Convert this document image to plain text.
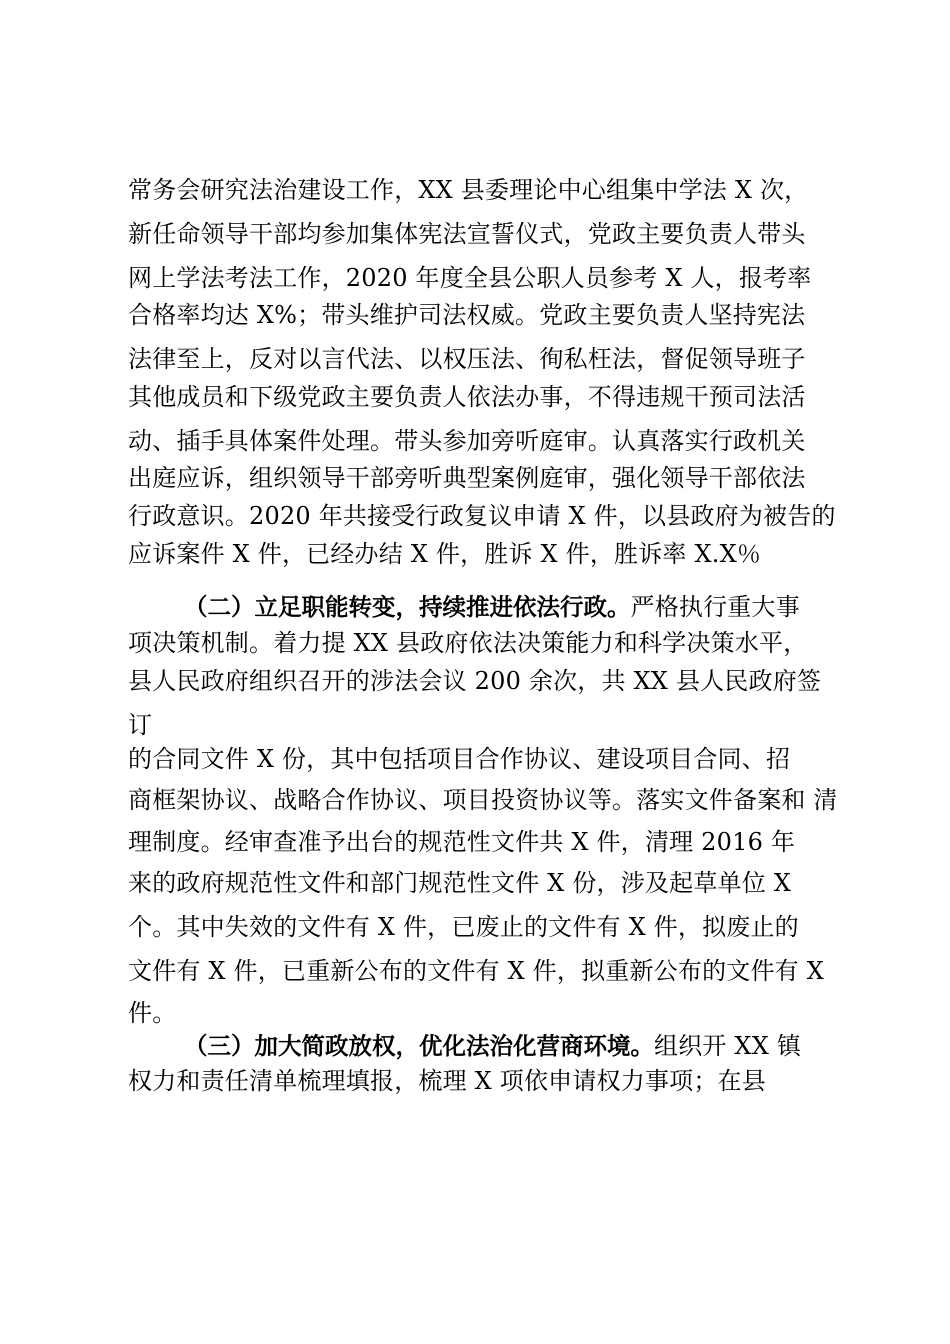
常务会研究法治建设工作，XX 县委理论中心组集中学法 X 次，
新任命领导干部均参加集体宪法宣誓仪式，党政主要负责人带头
网上学法考法工作，2020 年度全县公职人员参考 X 人，报考率
合格率均达 X%；带头维护司法权威。党政主要负责人坚持宪法
法律至上，反对以言代法、以权压法、徇私枉法，督促领导班子
其他成员和下级党政主要负责人依法办事，不得违规干预司法活
动、插手具体案件处理。带头参加旁听庭审。认真落实行政机关
出庭应诉，组织领导干部旁听典型案例庭审，强化领导干部依法
行政意识。2020 年共接受行政复议申请 X 件，以县政府为被告的
应诉案件 X 件，已经办结 X 件，胜诉 X 件，胜诉率 X.X％
（二）立足职能转变，持续推进依法行政。严格执行重大事
项决策机制。着力提 XX 县政府依法决策能力和科学决策水平，
县人民政府组织召开的涉法会议 200 余次，共 XX 县人民政府签
订
的合同文件 X 份，其中包括项目合作协议、建设项目合同、招
商框架协议、战略合作协议、项目投资协议等。落实文件备案和 清
理制度。经审查准予出台的规范性文件共 X 件，清理 2016 年
来的政府规范性文件和部门规范性文件 X 份，涉及起草单位 X
个。其中失效的文件有 X 件，已废止的文件有 X 件，拟废止的
文件有 X 件，已重新公布的文件有 X 件，拟重新公布的文件有 X
件。
（三）加大简政放权，优化法治化营商环境。组织开 XX 镇
权力和责任清单梳理填报，梳理 X 项依申请权力事项；在县
